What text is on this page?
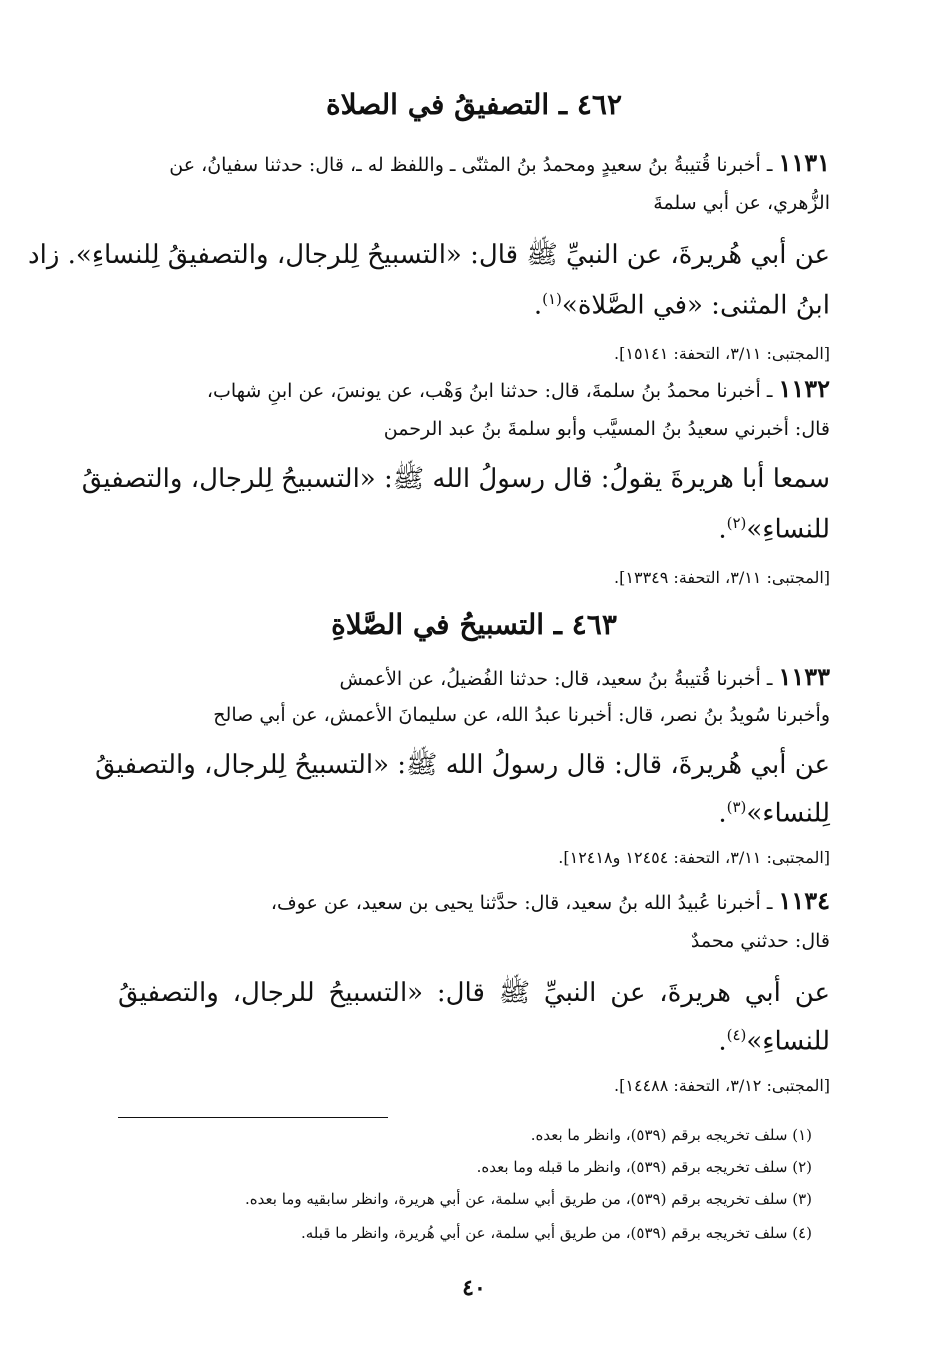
٤٦٢ ـ التصفيقُ في الصلاة
١١٣١ ـ أخبرنا قُتيبةُ بنُ سعيدٍ ومحمدُ بنُ المثنّى ـ واللفظ له ـ، قال: حدثنا سفيانُ، عن
الزُّهري، عن أبي سلمةَ
عن أبي هُريرةَ، عن النبيِّ ﷺ قال: «التسبيحُ لِلرجال، والتصفيقُ لِلنساءِ». زاد
ابنُ المثنى: «في الصَّلاة»$^{(١)}$.
[المجتبى: ٣/١١، التحفة: ١٥١٤١].
١١٣٢ ـ أخبرنا محمدُ بنُ سلمةَ، قال: حدثنا ابنُ وَهْب، عن يونسَ، عن ابنِ شهاب،
قال: أخبرني سعيدُ بنُ المسيَّب وأبو سلمةَ بنُ عبد الرحمن
سمعا أبا هريرةَ يقولُ: قال رسولُ الله ﷺ: «التسبيحُ لِلرجال، والتصفيقُ
للنساءِ»$^{(٢)}$.
[المجتبى: ٣/١١، التحفة: ١٣٣٤٩].
٤٦٣ ـ التسبيحُ في الصَّلاةِ
١١٣٣ ـ أخبرنا قُتيبةُ بنُ سعيد، قال: حدثنا الفُضيلُ، عن الأعمش
وأخبرنا سُويدُ بنُ نصر، قال: أخبرنا عبدُ الله، عن سليمانَ الأعمش، عن أبي صالح
عن أبي هُريرةَ، قال: قال رسولُ الله ﷺ: «التسبيحُ لِلرجال، والتصفيقُ
لِلنساء»$^{(٣)}$.
[المجتبى: ٣/١١، التحفة: ١٢٤٥٤ و١٢٤١٨].
١١٣٤ ـ أخبرنا عُبيدُ الله بنُ سعيد، قال: حدَّثنا يحيى بن سعيد، عن عوف،
قال: حدثني محمدٌ
عن أبي هريرةَ، عن النبيِّ ﷺ قال: «التسبيحُ للرجال، والتصفيقُ
للنساءِ»$^{(٤)}$.
[المجتبى: ٣/١٢، التحفة: ١٤٤٨٨].
(١) سلف تخريجه برقم (٥٣٩)، وانظر ما بعده.
(٢) سلف تخريجه برقم (٥٣٩)، وانظر ما قبله وما بعده.
(٣) سلف تخريجه برقم (٥٣٩)، من طريق أبي سلمة، عن أبي هريرة، وانظر سابقيه وما بعده.
(٤) سلف تخريجه برقم (٥٣٩)، من طريق أبي سلمة، عن أبي هُريرة، وانظر ما قبله.
٤٠
